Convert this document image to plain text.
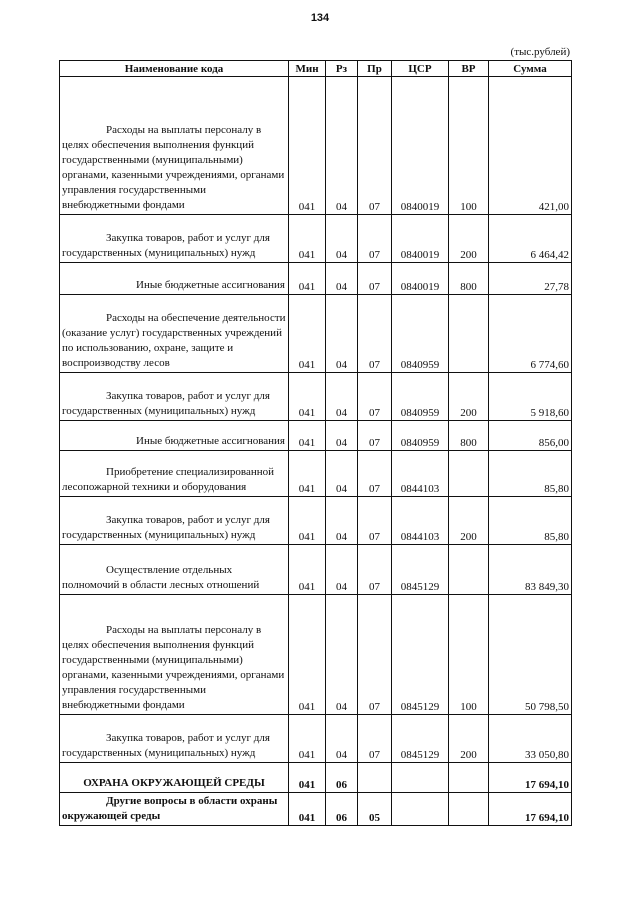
134
(тыс.рублей)
Наименование кода	Мин	Рз	Пр	ЦСР	ВР	Сумма

Расходы на выплаты персоналу в целях обеспечения выполнения функций государственными (муниципальными) органами, казенными учреждениями, органами управления государственными внебюджетными фондами	041	04	07	0840019	100	421,00

Закупка товаров, работ и услуг для государственных (муниципальных) нужд	041	04	07	0840019	200	6 464,42
Иные бюджетные ассигнования	041	04	07	0840019	800	27,78

Расходы на обеспечение деятельности (оказание услуг) государственных учреждений по использованию, охране, защите и воспроизводству лесов	041	04	07	0840959		6 774,60

Закупка товаров, работ и услуг для государственных (муниципальных) нужд	041	04	07	0840959	200	5 918,60
Иные бюджетные ассигнования	041	04	07	0840959	800	856,00

Приобретение специализированной лесопожарной техники и оборудования	041	04	07	0844103		85,80

Закупка товаров, работ и услуг для государственных (муниципальных) нужд	041	04	07	0844103	200	85,80

Осуществление отдельных полномочий в области лесных отношений	041	04	07	0845129		83 849,30

Расходы на выплаты персоналу в целях обеспечения выполнения функций государственными (муниципальными) органами, казенными учреждениями, органами управления государственными внебюджетными фондами	041	04	07	0845129	100	50 798,50

Закупка товаров, работ и услуг для государственных (муниципальных) нужд	041	04	07	0845129	200	33 050,80
ОХРАНА ОКРУЖАЮЩЕЙ СРЕДЫ	041	06				17 694,10

Другие вопросы в области охраны окружающей среды	041	06	05			17 694,10
